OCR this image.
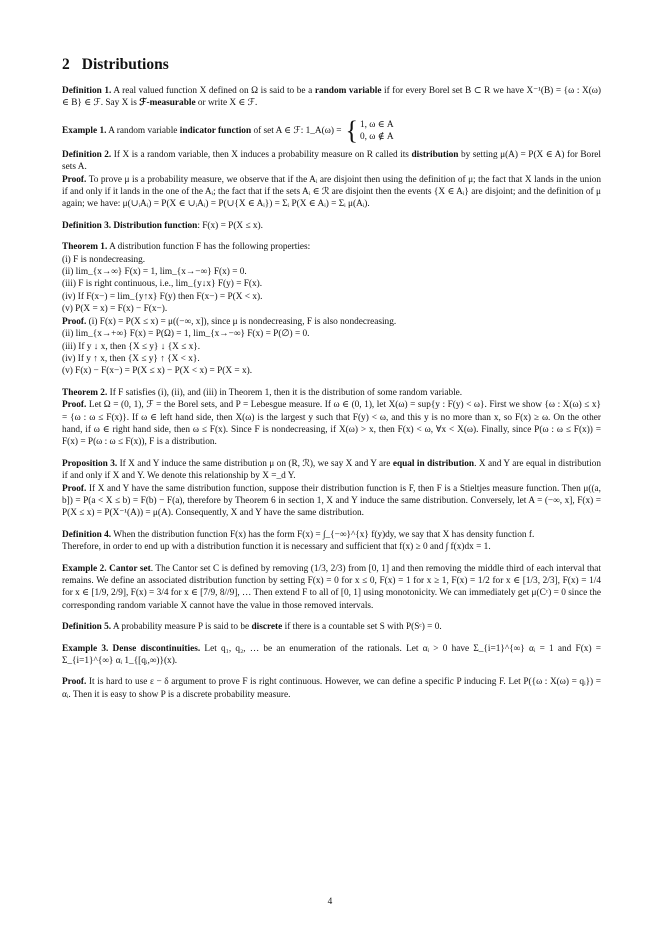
2 Distributions
Definition 1. A real valued function X defined on Ω is said to be a random variable if for every Borel set B ⊂ R we have X⁻¹(B) = {ω : X(ω) ∈ B} ∈ ℱ. Say X is ℱ-measurable or write X ∈ ℱ.
Example 1. A random variable indicator function of set A ∈ ℱ: 1_A(ω) = { 1, ω ∈ A
0, ω ∉ A

Definition 2. If X is a random variable, then X induces a probability measure on R called its distribution by setting μ(A) = P(X ∈ A) for Borel sets A.

Proof. To prove μ is a probability measure, we observe that if the Aᵢ are disjoint then using the definition of μ; the fact that X lands in the union if and only if it lands in the one of the Aᵢ; the fact that if the sets Aᵢ ∈ ℛ are disjoint then the events {X ∈ Aᵢ} are disjoint; and the definition of μ again; we have: μ(∪ᵢAᵢ) = P(X ∈ ∪ᵢAᵢ) = P(∪{X ∈ Aᵢ}) = Σᵢ P(X ∈ Aᵢ) = Σᵢ μ(Aᵢ).

Definition 3. Distribution function: F(x) = P(X ≤ x).

Theorem 1. A distribution function F has the following properties:

(i) F is nondecreasing.

(ii) lim_{x→∞} F(x) = 1, lim_{x→−∞} F(x) = 0.

(iii) F is right continuous, i.e., lim_{y↓x} F(y) = F(x).

(iv) If F(x−) = lim_{y↑x} F(y) then F(x−) = P(X < x).

(v) P(X = x) = F(x) − F(x−).

Proof. (i) F(x) = P(X ≤ x) = μ((−∞, x]), since μ is nondecreasing, F is also nondecreasing.

(ii) lim_{x→+∞} F(x) = P(Ω) = 1, lim_{x→−∞} F(x) = P(∅) = 0.

(iii) If y ↓ x, then {X ≤ y} ↓ {X ≤ x}.

(iv) If y ↑ x, then {X ≤ y} ↑ {X < x}.

(v) F(x) − F(x−) = P(X ≤ x) − P(X < x) = P(X = x).

Theorem 2. If F satisfies (i), (ii), and (iii) in Theorem 1, then it is the distribution of some random variable.

Proof. Let Ω = (0, 1), ℱ = the Borel sets, and P = Lebesgue measure. If ω ∈ (0, 1), let X(ω) = sup{y : F(y) < ω}. First we show {ω : X(ω) ≤ x} = {ω : ω ≤ F(x)}. If ω ∈ left hand side, then X(ω) is the largest y such that F(y) < ω, and this y is no more than x, so F(x) ≥ ω. On the other hand, if ω ∈ right hand side, then ω ≤ F(x). Since F is nondecreasing, if X(ω) > x, then F(x) < ω, ∀x < X(ω). Finally, since P(ω : ω ≤ F(x)) = F(x) = P(ω : ω ≤ F(x)), F is a distribution.

Proposition 3. If X and Y induce the same distribution μ on (R, ℛ), we say X and Y are equal in distribution. X and Y are equal in distribution if and only if X and Y. We denote this relationship by X =_d Y.

Proof. If X and Y have the same distribution function, suppose their distribution function is F, then F is a Stieltjes measure function. Then μ((a, b]) = P(a < X ≤ b) = F(b) − F(a), therefore by Theorem 6 in section 1, X and Y induce the same distribution. Conversely, let A = (−∞, x], F(x) = P(X ≤ x) = P(X⁻¹(A)) = μ(A). Consequently, X and Y have the same distribution.

Definition 4. When the distribution function F(x) has the form F(x) = ∫_{−∞}^{x} f(y)dy, we say that X has density function f.

Therefore, in order to end up with a distribution function it is necessary and sufficient that f(x) ≥ 0 and ∫ f(x)dx = 1.

Example 2. Cantor set. The Cantor set C is defined by removing (1/3, 2/3) from [0, 1] and then removing the middle third of each interval that remains. We define an associated distribution function by setting F(x) = 0 for x ≤ 0, F(x) = 1 for x ≥ 1, F(x) = 1/2 for x ∈ [1/3, 2/3], F(x) = 1/4 for x ∈ [1/9, 2/9], F(x) = 3/4 for x ∈ [7/9, 8//9], … Then extend F to all of [0, 1] using monotonicity. We can immediately get μ(Cᶜ) = 0 since the corresponding random variable X cannot have the value in those removed intervals.
Definition 5. A probability measure P is said to be discrete if there is a countable set S with P(Sᶜ) = 0.
Example 3. Dense discontinuities. Let q₁, q₂, … be an enumeration of the rationals. Let αᵢ > 0 have Σ_{i=1}^{∞} αᵢ = 1 and F(x) = Σ_{i=1}^{∞} αᵢ 1_{[qᵢ,∞)}(x).
Proof. It is hard to use ε − δ argument to prove F is right continuous. However, we can define a specific P inducing F. Let P({ω : X(ω) = qᵢ}) = αᵢ. Then it is easy to show P is a discrete probability measure.
4
